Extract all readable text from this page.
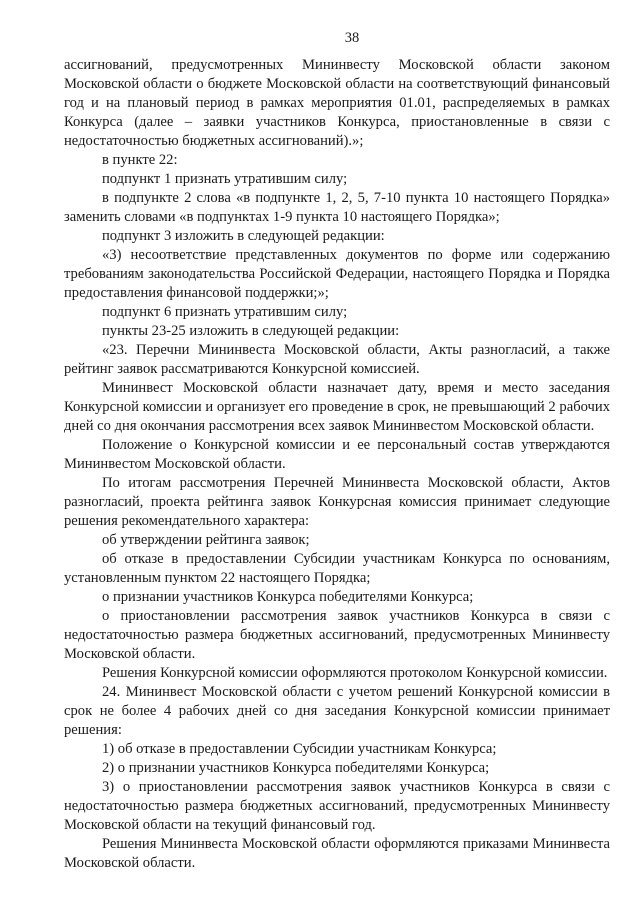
38

ассигнований, предусмотренных Мининвесту Московской области законом Московской области о бюджете Московской области на соответствующий финансовый год и на плановый период в рамках мероприятия 01.01, распределяемых в рамках Конкурса (далее – заявки участников Конкурса, приостановленные в связи с недостаточностью бюджетных ассигнований).»;

в пункте 22:

подпункт 1 признать утратившим силу;

в подпункте 2 слова «в подпункте 1, 2, 5, 7-10 пункта 10 настоящего Порядка» заменить словами «в подпунктах 1-9 пункта 10 настоящего Порядка»;

подпункт 3 изложить в следующей редакции:

«3) несоответствие представленных документов по форме или содержанию требованиям законодательства Российской Федерации, настоящего Порядка и Порядка предоставления финансовой поддержки;»;

подпункт 6 признать утратившим силу;

пункты 23-25 изложить в следующей редакции:

«23. Перечни Мининвеста Московской области, Акты разногласий, а также рейтинг заявок рассматриваются Конкурсной комиссией.

Мининвест Московской области назначает дату, время и место заседания Конкурсной комиссии и организует его проведение в срок, не превышающий 2 рабочих дней со дня окончания рассмотрения всех заявок Мининвестом Московской области.

Положение о Конкурсной комиссии и ее персональный состав утверждаются Мининвестом Московской области.

По итогам рассмотрения Перечней Мининвеста Московской области, Актов разногласий, проекта рейтинга заявок Конкурсная комиссия принимает следующие решения рекомендательного характера:

об утверждении рейтинга заявок;

об отказе в предоставлении Субсидии участникам Конкурса по основаниям, установленным пунктом 22 настоящего Порядка;

о признании участников Конкурса победителями Конкурса;

о приостановлении рассмотрения заявок участников Конкурса в связи с недостаточностью размера бюджетных ассигнований, предусмотренных Мининвесту Московской области.

Решения Конкурсной комиссии оформляются протоколом Конкурсной комиссии.

24. Мининвест Московской области с учетом решений Конкурсной комиссии в срок не более 4 рабочих дней со дня заседания Конкурсной комиссии принимает решения:

1) об отказе в предоставлении Субсидии участникам Конкурса;

2) о признании участников Конкурса победителями Конкурса;

3) о приостановлении рассмотрения заявок участников Конкурса в связи с недостаточностью размера бюджетных ассигнований, предусмотренных Мининвесту Московской области на текущий финансовый год.

Решения Мининвеста Московской области оформляются приказами Мининвеста Московской области.
